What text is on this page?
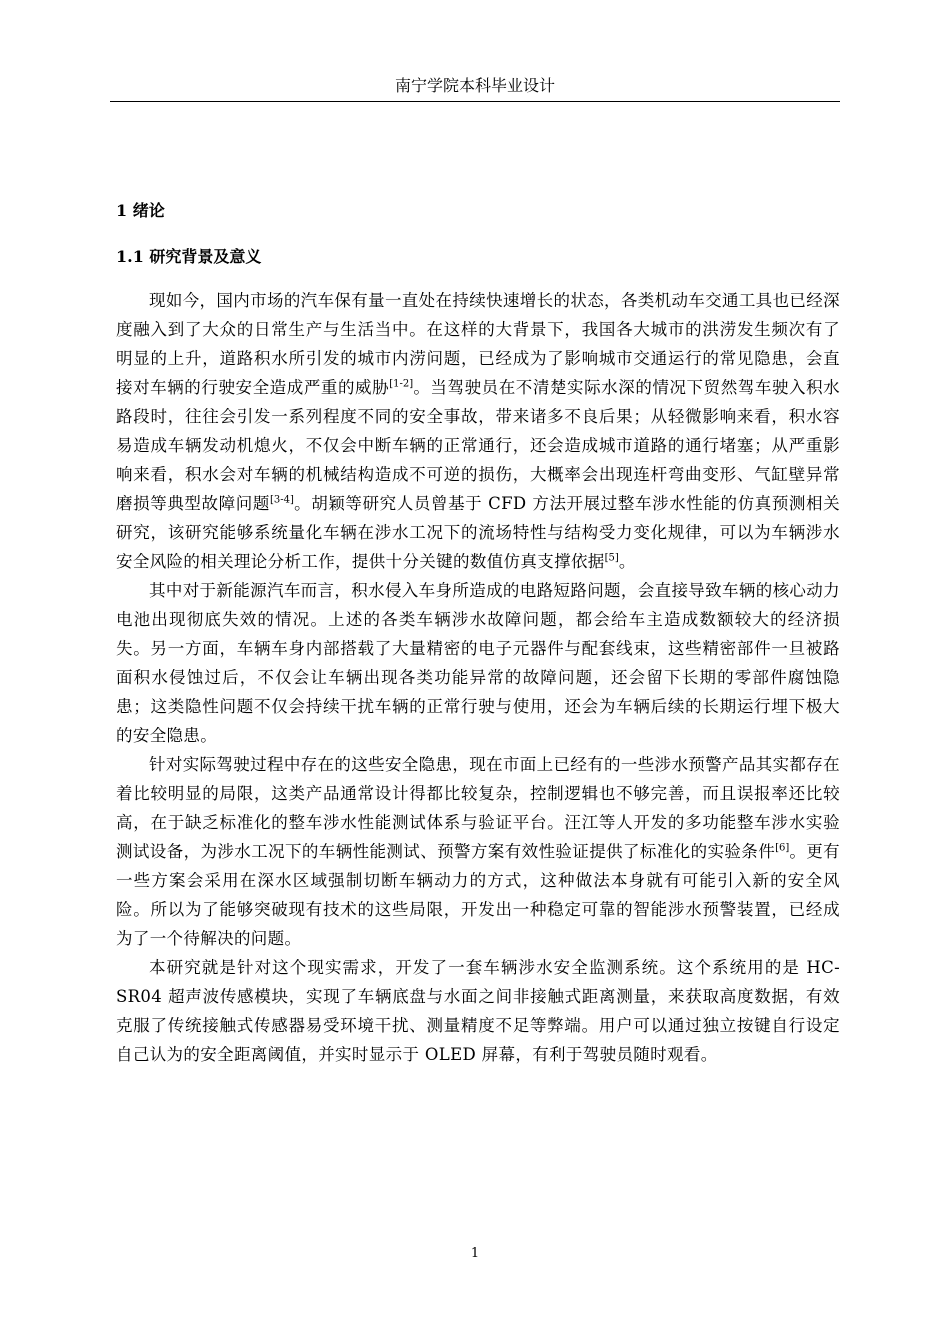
南宁学院本科毕业设计

1 绪论

1.1 研究背景及意义

现如今，国内市场的汽车保有量一直处在持续快速增长的状态，各类机动车交通工具也已经深度融入到了大众的日常生产与生活当中。在这样的大背景下，我国各大城市的洪涝发生频次有了明显的上升，道路积水所引发的城市内涝问题，已经成为了影响城市交通运行的常见隐患，会直接对车辆的行驶安全造成严重的威胁[1-2]。当驾驶员在不清楚实际水深的情况下贸然驾车驶入积水路段时，往往会引发一系列程度不同的安全事故，带来诸多不良后果；从轻微影响来看，积水容易造成车辆发动机熄火，不仅会中断车辆的正常通行，还会造成城市道路的通行堵塞；从严重影响来看，积水会对车辆的机械结构造成不可逆的损伤，大概率会出现连杆弯曲变形、气缸壁异常磨损等典型故障问题[3-4]。胡颖等研究人员曾基于 CFD 方法开展过整车涉水性能的仿真预测相关研究，该研究能够系统量化车辆在涉水工况下的流场特性与结构受力变化规律，可以为车辆涉水安全风险的相关理论分析工作，提供十分关键的数值仿真支撑依据[5]。

其中对于新能源汽车而言，积水侵入车身所造成的电路短路问题，会直接导致车辆的核心动力电池出现彻底失效的情况。上述的各类车辆涉水故障问题，都会给车主造成数额较大的经济损失。另一方面，车辆车身内部搭载了大量精密的电子元器件与配套线束，这些精密部件一旦被路面积水侵蚀过后，不仅会让车辆出现各类功能异常的故障问题，还会留下长期的零部件腐蚀隐患；这类隐性问题不仅会持续干扰车辆的正常行驶与使用，还会为车辆后续的长期运行埋下极大的安全隐患。

针对实际驾驶过程中存在的这些安全隐患，现在市面上已经有的一些涉水预警产品其实都存在着比较明显的局限，这类产品通常设计得都比较复杂，控制逻辑也不够完善，而且误报率还比较高，在于缺乏标准化的整车涉水性能测试体系与验证平台。汪江等人开发的多功能整车涉水实验测试设备，为涉水工况下的车辆性能测试、预警方案有效性验证提供了标准化的实验条件[6]。更有一些方案会采用在深水区域强制切断车辆动力的方式，这种做法本身就有可能引入新的安全风险。所以为了能够突破现有技术的这些局限，开发出一种稳定可靠的智能涉水预警装置，已经成为了一个待解决的问题。

本研究就是针对这个现实需求，开发了一套车辆涉水安全监测系统。这个系统用的是 HC-SR04 超声波传感模块，实现了车辆底盘与水面之间非接触式距离测量，来获取高度数据，有效克服了传统接触式传感器易受环境干扰、测量精度不足等弊端。用户可以通过独立按键自行设定自己认为的安全距离阈值，并实时显示于 OLED 屏幕，有利于驾驶员随时观看。

1
